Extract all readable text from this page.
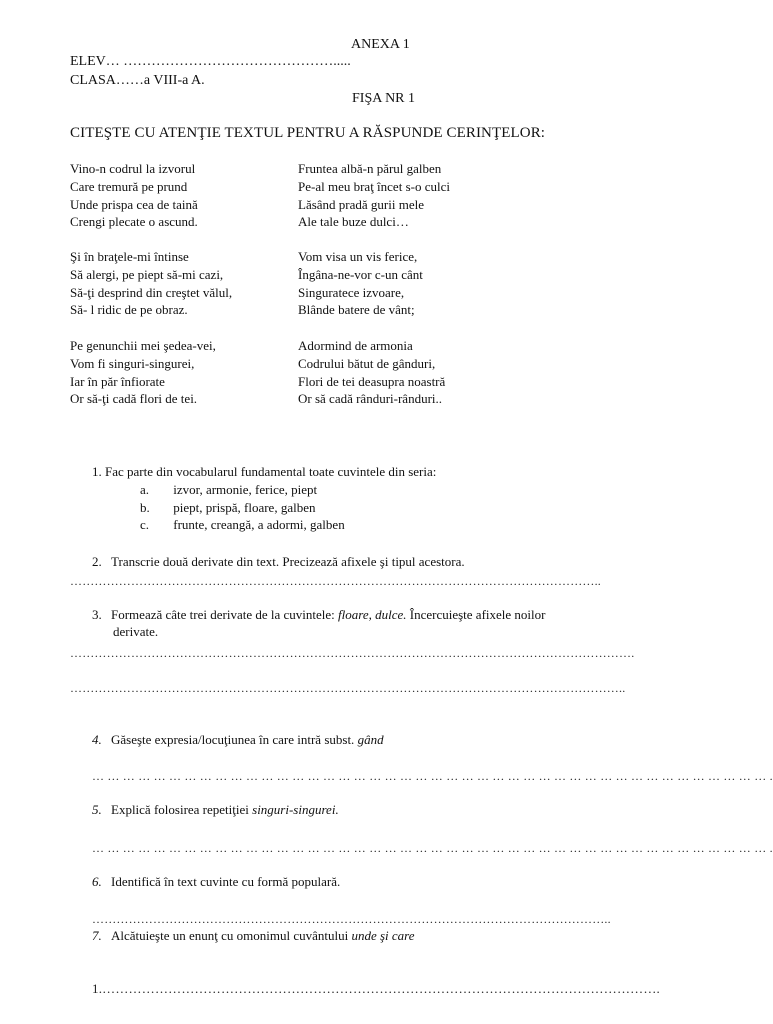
ANEXA 1
ELEV… ……………………………………….....
CLASA……a VIII-a A.
FIŞA NR 1
CITEŞTE CU ATENŢIE TEXTUL PENTRU A RĂSPUNDE CERINŢELOR:
Vino-n codrul la izvorul
Care tremură pe prund
Unde prispa cea de taină
Crengi plecate o ascund.
Şi în braţele-mi întinse
Să alergi, pe piept să-mi cazi,
Să-ţi desprind din creştet vălul,
Să- l ridic de pe obraz.
Pe genunchii mei şedea-vei,
Vom fi singuri-singurei,
Iar în păr înfiorate
Or să-ţi cadă flori de tei.
Fruntea albă-n părul galben
Pe-al meu braţ încet s-o culci
Lăsând pradă gurii mele
Ale tale buze dulci…
Vom visa un vis ferice,
Îngâna-ne-vor c-un cânt
Singuratece izvoare,
Blânde batere de vânt;
Adormind de armonia
Codrului bătut de gânduri,
Flori de tei deasupra noastră
Or să cadă rânduri-rânduri..
1. Fac parte din vocabularul fundamental toate cuvintele din seria:
a. izvor, armonie, ferice, piept
b. piept, prispă, floare, galben
c. frunte, creangă, a adormi, galben
2. Transcrie două derivate din text. Precizează afixele şi tipul acestora.
…………………………………………………………………………………………………………………..
3. Formează câte trei derivate de la cuvintele: floare, dulce. Încercuieşte afixele noilor
derivate.
………………………………………………………………………………………………………………………….
………………………………………………………………………………………………………………………..
4. Găseşte expresia/locuţiunea în care intră subst. gând
… … … … … … … … … … … … … … … … … … … … … … … … … … … … … … … … … … … … … … … … … … … … .
5. Explică folosirea repetiţiei singuri-singurei.
… … … … … … … … … … … … … … … … … … … … … … … … … … … … … … … … … … … … … … … … … … … … .
6. Identifică în text cuvinte cu formă populară.
………………………………………………………………………………………………………………..
7. Alcătuieşte un enunţ cu omonimul cuvântului unde şi care
1.……………………………………………………………………………………………………………….
